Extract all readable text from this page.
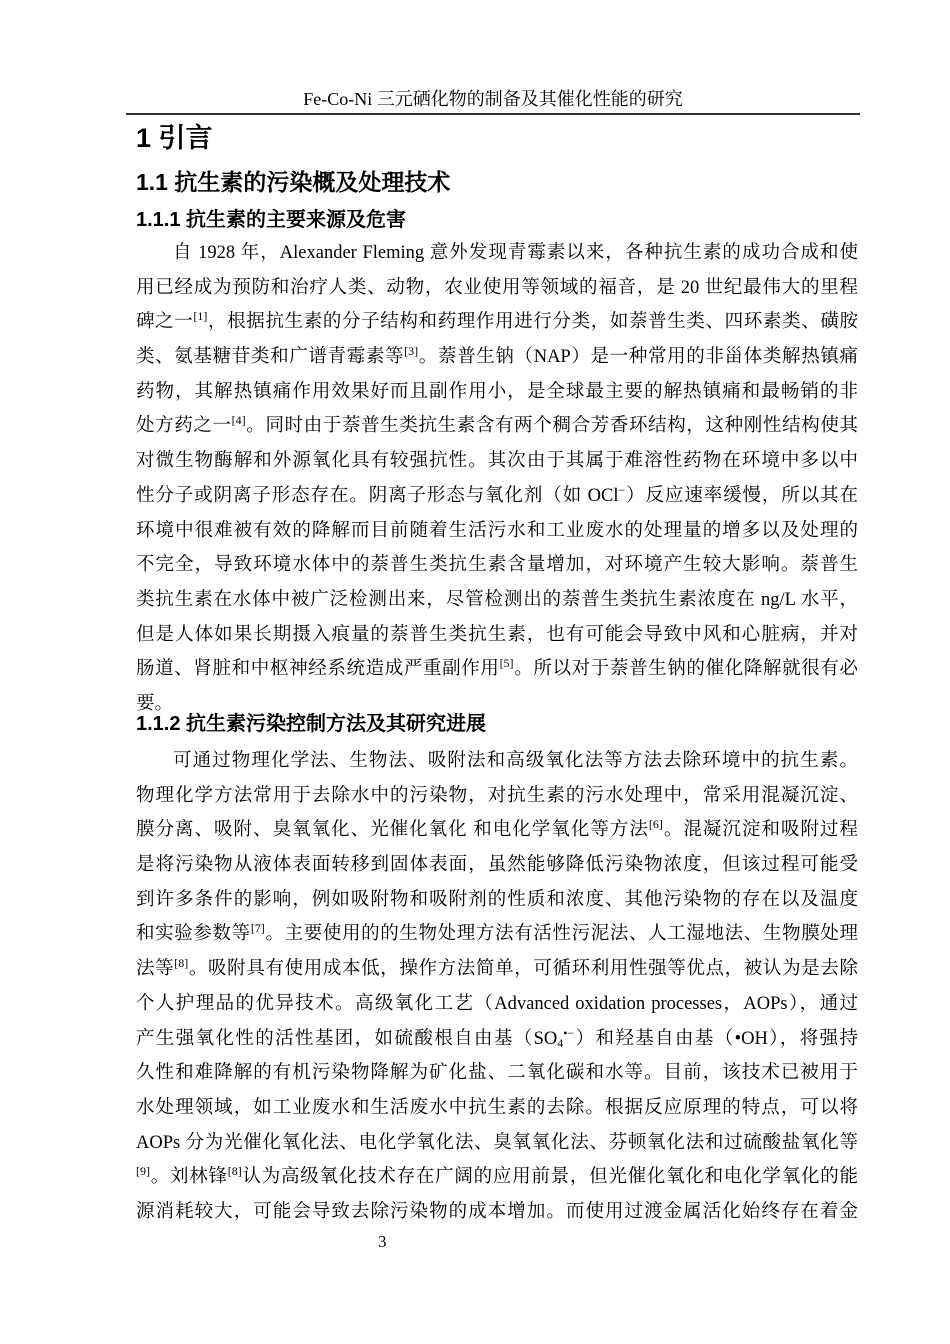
Fe-Co-Ni 三元硒化物的制备及其催化性能的研究
1 引言
1.1 抗生素的污染概及处理技术
1.1.1 抗生素的主要来源及危害
自 1928 年，Alexander Fleming 意外发现青霉素以来，各种抗生素的成功合成和使
用已经成为预防和治疗人类、动物，农业使用等领域的福音，是 20 世纪最伟大的里程
碑之一[1]，根据抗生素的分子结构和药理作用进行分类，如萘普生类、四环素类、磺胺
类、氨基糖苷类和广谱青霉素等[3]。萘普生钠（NAP）是一种常用的非甾体类解热镇痛
药物，其解热镇痛作用效果好而且副作用小，是全球最主要的解热镇痛和最畅销的非
处方药之一[4]。同时由于萘普生类抗生素含有两个稠合芳香环结构，这种刚性结构使其
对微生物酶解和外源氧化具有较强抗性。其次由于其属于难溶性药物在环境中多以中
性分子或阴离子形态存在。阴离子形态与氧化剂（如 OCl−）反应速率缓慢，所以其在
环境中很难被有效的降解而目前随着生活污水和工业废水的处理量的增多以及处理的
不完全，导致环境水体中的萘普生类抗生素含量增加，对环境产生较大影响。萘普生
类抗生素在水体中被广泛检测出来，尽管检测出的萘普生类抗生素浓度在 ng/L 水平，
但是人体如果长期摄入痕量的萘普生类抗生素，也有可能会导致中风和心脏病，并对
肠道、肾脏和中枢神经系统造成严重副作用[5]。所以对于萘普生钠的催化降解就很有必
要。
1.1.2 抗生素污染控制方法及其研究进展
可通过物理化学法、生物法、吸附法和高级氧化法等方法去除环境中的抗生素。
物理化学方法常用于去除水中的污染物，对抗生素的污水处理中，常采用混凝沉淀、
膜分离、吸附、臭氧氧化、光催化氧化 和电化学氧化等方法[6]。混凝沉淀和吸附过程
是将污染物从液体表面转移到固体表面，虽然能够降低污染物浓度，但该过程可能受
到许多条件的影响，例如吸附物和吸附剂的性质和浓度、其他污染物的存在以及温度
和实验参数等[7]。主要使用的的生物处理方法有活性污泥法、人工湿地法、生物膜处理
法等[8]。吸附具有使用成本低，操作方法简单，可循环利用性强等优点，被认为是去除
个人护理品的优异技术。高级氧化工艺（Advanced oxidation processes，AOPs），通过
产生强氧化性的活性基团，如硫酸根自由基$(SO_4^{•-})$和羟基自由基（•OH），将强持
久性和难降解的有机污染物降解为矿化盐、二氧化碳和水等。目前，该技术已被用于
水处理领域，如工业废水和生活废水中抗生素的去除。根据反应原理的特点，可以将
AOPs 分为光催化氧化法、电化学氧化法、臭氧氧化法、芬顿氧化法和过硫酸盐氧化等
[9]。刘林锋[8]认为高级氧化技术存在广阔的应用前景，但光催化氧化和电化学氧化的能
源消耗较大，可能会导致去除污染物的成本增加。而使用过渡金属活化始终存在着金
3
